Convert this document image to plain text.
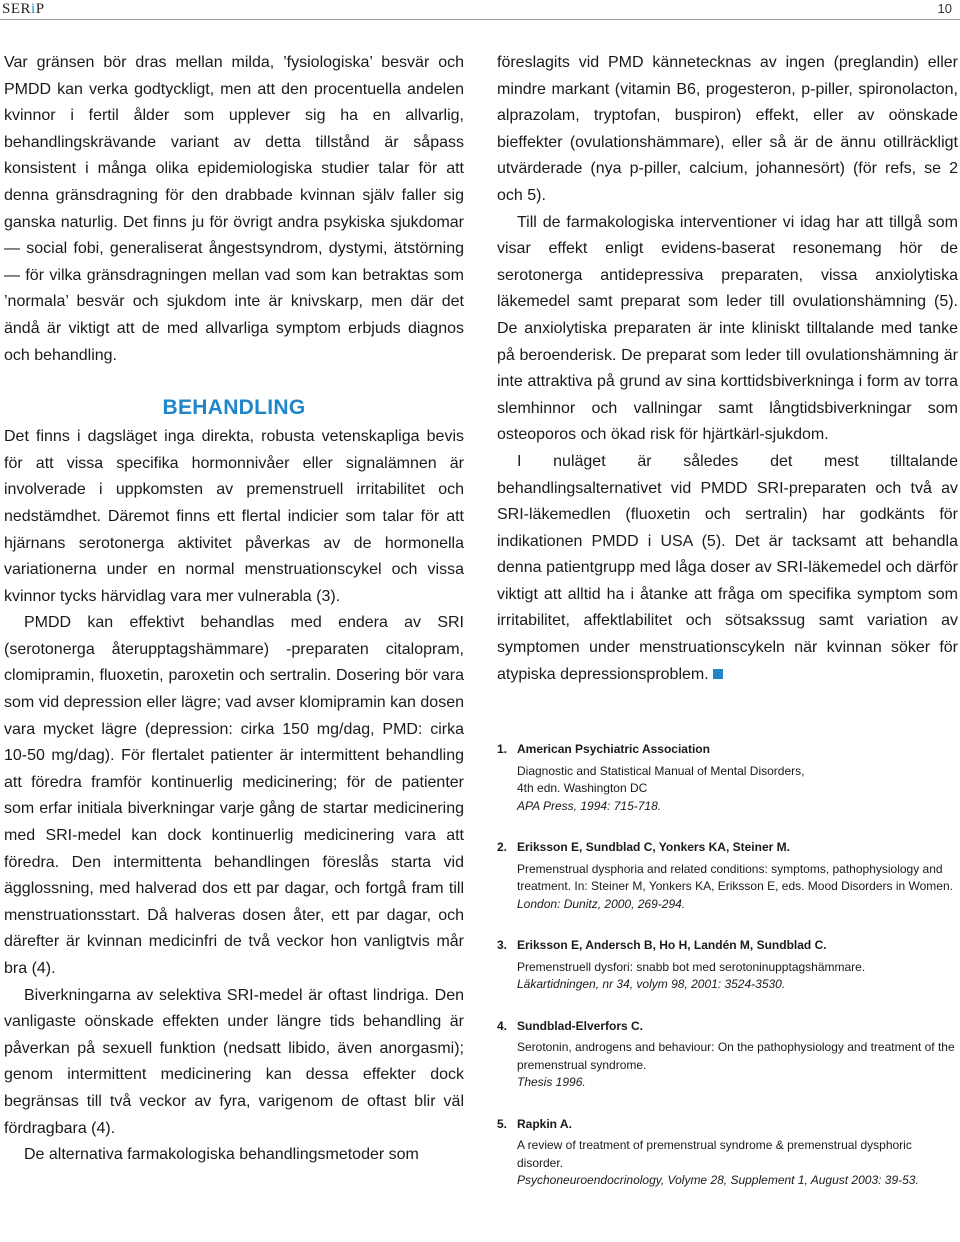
SERiP	10

Var gränsen bör dras mellan milda, ’fysiologiska’ besvär och PMDD kan verka godtyckligt, men att den procentuella andelen kvinnor i fertil ålder som upplever sig ha en allvarlig, behandlingskrävande variant av detta tillstånd är såpass konsistent i många olika epidemiologiska studier talar för att denna gränsdragning för den drabbade kvinnan själv faller sig ganska naturlig. Det finns ju för övrigt andra psykiska sjukdomar — social fobi, generaliserat ångestsyndrom, dystymi, ätstörning — för vilka gränsdragningen mellan vad som kan betraktas som ’normala’ besvär och sjukdom inte är knivskarp, men där det ändå är viktigt att de med allvarliga symptom erbjuds diagnos och behandling.

BEHANDLING

Det finns i dagsläget inga direkta, robusta vetenskapliga bevis för att vissa specifika hormonnivåer eller signalämnen är involverade i uppkomsten av premenstruell irritabilitet och nedstämdhet. Däremot finns ett flertal indicier som talar för att hjärnans serotonerga aktivitet påverkas av de hormonella variationerna under en normal menstruationscykel och vissa kvinnor tycks härvidlag vara mer vulnerabla (3).

PMDD kan effektivt behandlas med endera av SRI (serotonerga återupptagshämmare) -preparaten citalopram, clomipramin, fluoxetin, paroxetin och sertralin. Dosering bör vara som vid depression eller lägre; vad avser klomipramin kan dosen vara mycket lägre (depression: cirka 150 mg/dag, PMD: cirka 10-50 mg/dag). För flertalet patienter är intermittent behandling att föredra framför kontinuerlig medicinering; för de patienter som erfar initiala biverkningar varje gång de startar medicinering med SRI-medel kan dock kontinuerlig medicinering vara att föredra. Den intermittenta behandlingen föreslås starta vid ägglossning, med halverad dos ett par dagar, och fortgå fram till menstruationsstart. Då halveras dosen åter, ett par dagar, och därefter är kvinnan medicinfri de två veckor hon vanligtvis mår bra (4).

Biverkningarna av selektiva SRI-medel är oftast lindriga. Den vanligaste oönskade effekten under längre tids behandling är påverkan på sexuell funktion (nedsatt libido, även anorgasmi); genom intermittent medicinering kan dessa effekter dock begränsas till två veckor av fyra, varigenom de oftast blir väl fördragbara (4).

De alternativa farmakologiska behandlingsmetoder som

föreslagits vid PMD kännetecknas av ingen (preglandin) eller mindre markant (vitamin B6, progesteron, p-piller, spironolacton, alprazolam, tryptofan, buspiron) effekt, eller av oönskade bieffekter (ovulationshämmare), eller så är de ännu otillräckligt utvärderade (nya p-piller, calcium, johannesört) (för refs, se 2 och 5).

Till de farmakologiska interventioner vi idag har att tillgå som visar effekt enligt evidens-baserat resonemang hör de serotonerga antidepressiva preparaten, vissa anxiolytiska läkemedel samt preparat som leder till ovulationshämning (5). De anxiolytiska preparaten är inte kliniskt tilltalande med tanke på beroenderisk. De preparat som leder till ovulationshämning är inte attraktiva på grund av sina korttidsbiverkninga i form av torra slemhinnor och vallningar samt långtidsbiverkningar som osteoporos och ökad risk för hjärtkärl-sjukdom.

I nuläget är således det mest tilltalande behandlingsalternativet vid PMDD SRI-preparaten och två av SRI-läkemedlen (fluoxetin och sertralin) har godkänts för indikationen PMDD i USA (5). Det är tacksamt att behandla denna patientgrupp med låga doser av SRI-läkemedel och därför viktigt att alltid ha i åtanke att fråga om specifika symptom som irritabilitet, affektlabilitet och sötsakssug samt variation av symptomen under menstruationscykeln när kvinnan söker för atypiska depressionsproblem.

1. American Psychiatric Association
Diagnostic and Statistical Manual of Mental Disorders,
4th edn. Washington DC
APA Press, 1994: 715-718.
2. Eriksson E, Sundblad C, Yonkers KA, Steiner M.
Premenstrual dysphoria and related conditions: symptoms, pathophysiology and treatment. In: Steiner M, Yonkers KA, Eriksson E, eds. Mood Disorders in Women.
London: Dunitz, 2000, 269-294.
3. Eriksson E, Andersch B, Ho H, Landén M, Sundblad C.
Premenstruell dysfori: snabb bot med serotoninupptagshämmare.
Läkartidningen, nr 34, volym 98, 2001: 3524-3530.
4. Sundblad-Elverfors C.
Serotonin, androgens and behaviour: On the pathophysiology and treatment of the premenstrual syndrome.
Thesis 1996.
5. Rapkin A.
A review of treatment of premenstrual syndrome & premenstrual dysphoric disorder.
Psychoneuroendocrinology, Volyme 28, Supplement 1, August 2003: 39-53.
